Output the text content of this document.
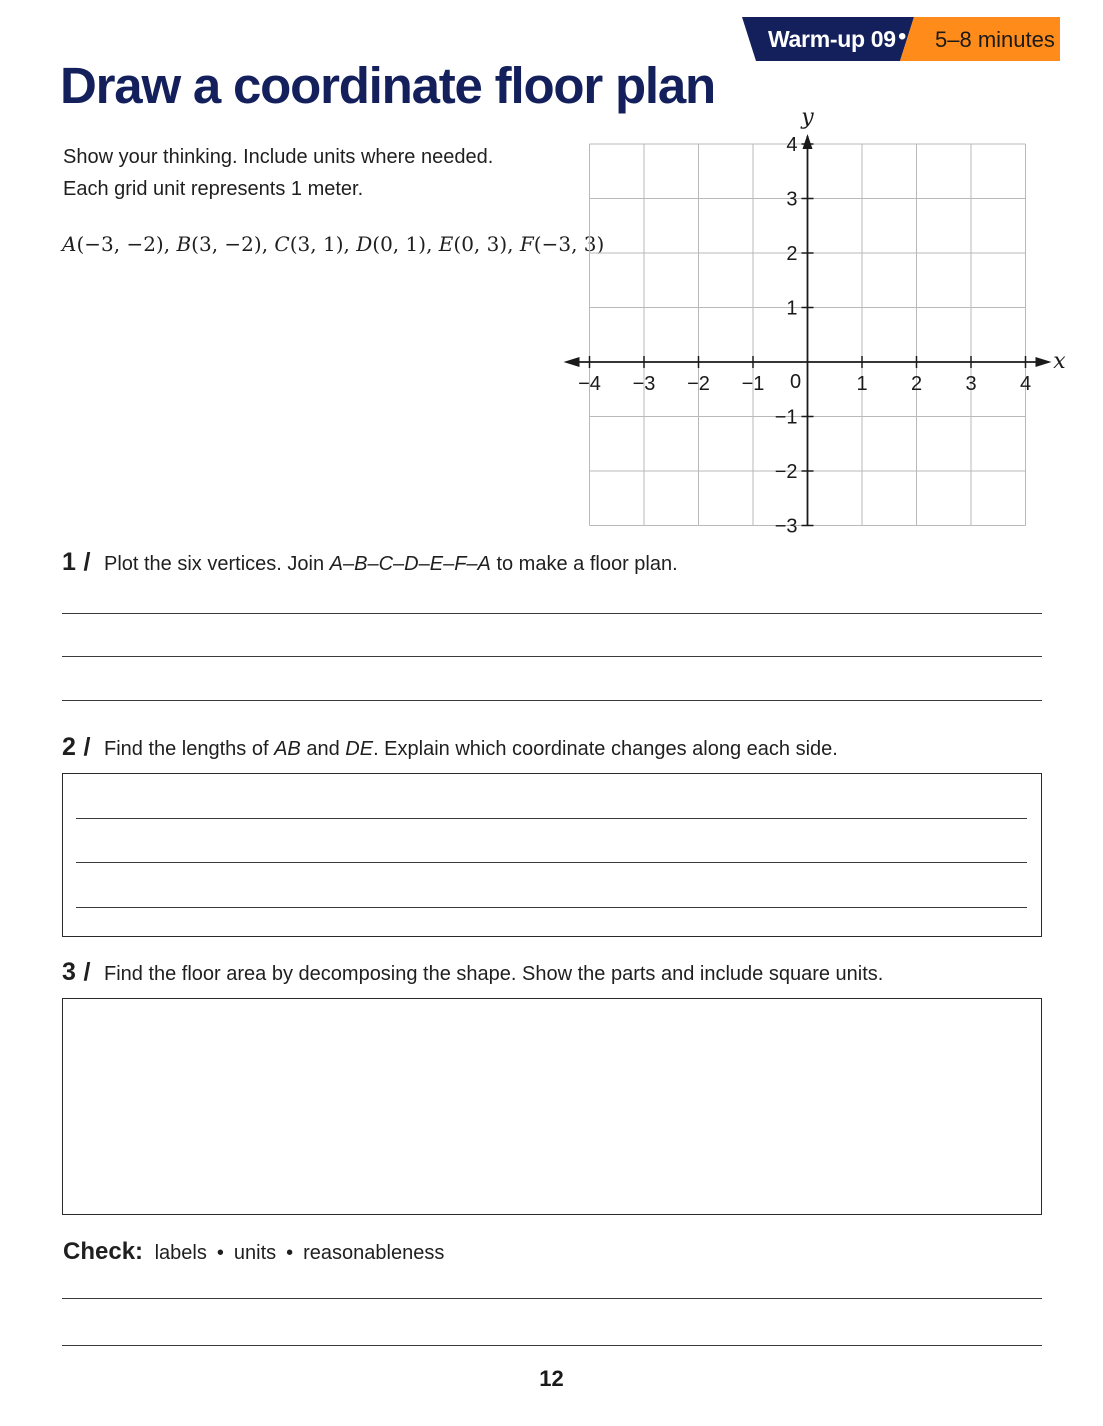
Warm-up 09 • 5–8 minutes
Draw a coordinate floor plan
Show your thinking. Include units where needed.
Each grid unit represents 1 meter.
A(−3, −2), B(3, −2), C(3, 1), D(0, 1), E(0, 3), F(−3, 3)
−4 −3 −2 −1	1 2 3 4
4
3
2
1
−1
−2
−3
0
x
y
1 / Plot the six vertices. Join A–B–C–D–E–F–A to make a floor plan.
2 / Find the lengths of AB and DE. Explain which coordinate changes along each side.
3 / Find the floor area by decomposing the shape. Show the parts and include square units.
Check: labels • units • reasonableness
12
